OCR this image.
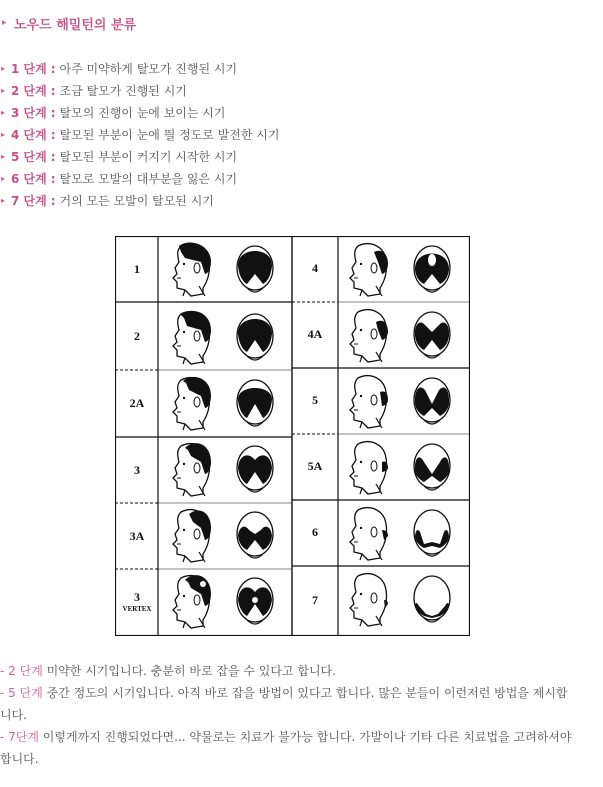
▸ 노우드 해밀턴의 분류
▸ 1 단계 : 아주 미약하게 탈모가 진행된 시기
▸ 2 단계 : 조금 탈모가 진행된 시기
▸ 3 단계 : 탈모의 진행이 눈에 보이는 시기
▸ 4 단계 : 탈모된 부분이 눈에 띌 정도로 발전한 시기
▸ 5 단계 : 탈모된 부분이 커지기 시작한 시기
▸ 6 단계 : 탈모로 모발의 대부분을 잃은 시기
▸ 7 단계 : 거의 모든 모발이 탈모된 시기
1
2
2A
3
3A
3
VERTEX
4
4A
5
5A
6
7
- 2 단계 미약한 시기입니다. 충분히 바로 잡을 수 있다고 합니다.
- 5 단계 중간 정도의 시기입니다. 아직 바로 잡을 방법이 있다고 합니다. 많은 분들이 이런저런 방법을 제시합
니다.
- 7단계 이렇게까지 진행되었다면... 약물로는 치료가 불가능 합니다. 가발이나 기타 다른 치료법을 고려하셔야
합니다.
